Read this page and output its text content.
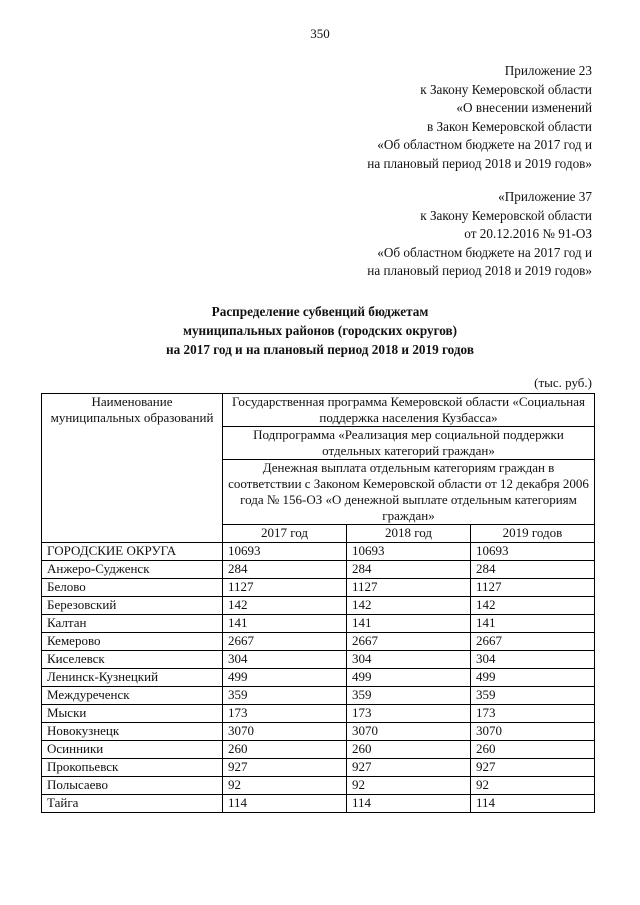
350
Приложение 23
к Закону Кемеровской области
«О внесении изменений
в Закон Кемеровской области
«Об областном бюджете на 2017 год и
на плановый период 2018 и 2019 годов»
«Приложение 37
к Закону Кемеровской области
от 20.12.2016 № 91-ОЗ
«Об областном бюджете на 2017 год и
на плановый период 2018 и 2019 годов»
Распределение субвенций бюджетам
муниципальных районов (городских округов)
на 2017 год и на плановый период 2018 и 2019 годов
(тыс. руб.)
Наименование муниципальных образований	Государственная программа Кемеровской области «Социальная поддержка населения Кузбасса»		
	Подпрограмма «Реализация мер социальной поддержки отдельных категорий граждан»		
	Денежная выплата отдельным категориям граждан в соответствии с Законом Кемеровской области от 12 декабря 2006 года № 156-ОЗ «О денежной выплате отдельным категориям граждан»		
	2017 год	2018 год	2019 годов
ГОРОДСКИЕ ОКРУГА	10693	10693	10693
Анжеро-Судженск	284	284	284
Белово	1127	1127	1127
Березовский	142	142	142
Калтан	141	141	141
Кемерово	2667	2667	2667
Киселевск	304	304	304
Ленинск-Кузнецкий	499	499	499
Междуреченск	359	359	359
Мыски	173	173	173
Новокузнецк	3070	3070	3070
Осинники	260	260	260
Прокопьевск	927	927	927
Полысаево	92	92	92
Тайга	114	114	114
